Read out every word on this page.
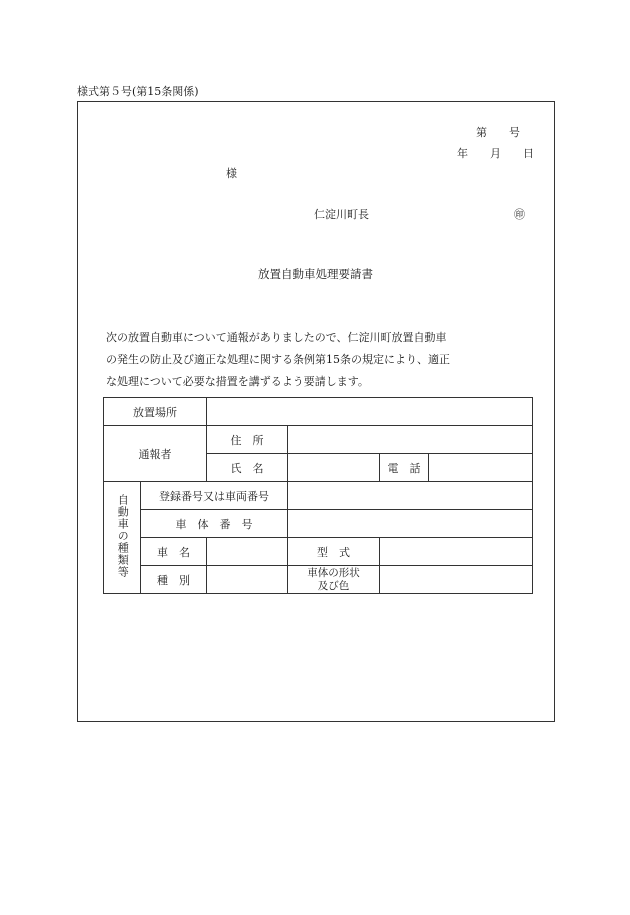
様式第５号(第15条関係)
第　　号
年　　月　　日
様
仁淀川町長	㊞
放置自動車処理要請書
次の放置自動車について通報がありましたので、仁淀川町放置自動車
の発生の防止及び適正な処理に関する条例第15条の規定により、適正
な処理について必要な措置を講ずるよう要請します。
放置場所					
通報者		住　所			
		氏　名		電　話	
自動車の種類等	登録番号又は車両番号				
	車　体　番　号				
	車　名		型　式		
	種　別		車体の形状
及び色		
